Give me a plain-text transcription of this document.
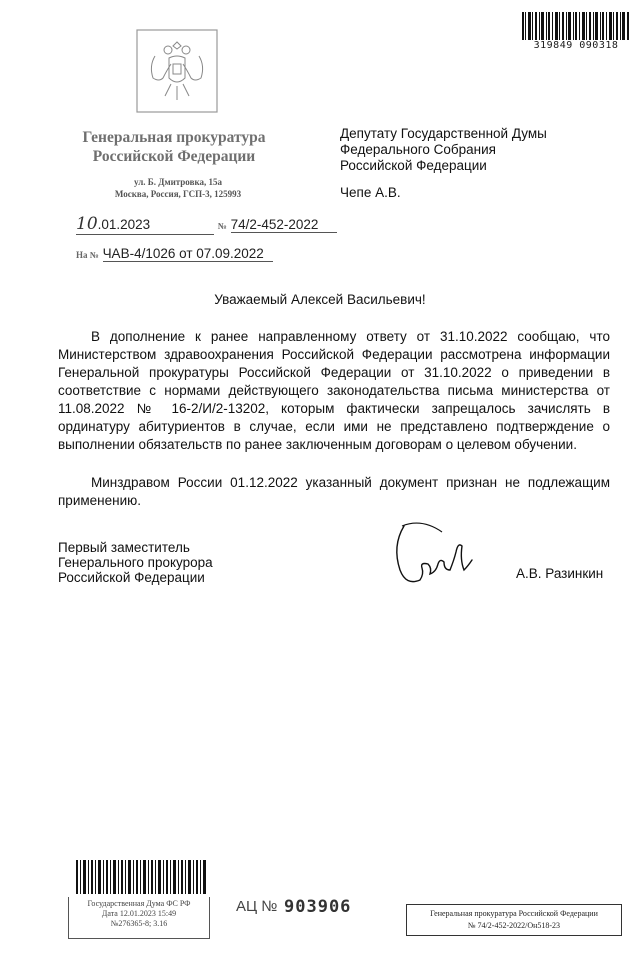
319849 090318
Генеральная прокуратура
Российской Федерации
ул. Б. Дмитровка, 15а
Москва, Россия, ГСП-3, 125993
10.01.2023	№ 74/2-452-2022
На № ЧАВ-4/1026 от 07.09.2022
Депутату Государственной Думы
Федерального Собрания
Российской Федерации
Чепе А.В.
Уважаемый Алексей Васильевич!
В дополнение к ранее направленному ответу от 31.10.2022 сообщаю, что Министерством здравоохранения Российской Федерации рассмотрена информации Генеральной прокуратуры Российской Федерации от 31.10.2022 о приведении в соответствие с нормами действующего законодательства письма министерства от 11.08.2022 № 16-2/И/2-13202, которым фактически запрещалось зачислять в ординатуру абитуриентов в случае, если ими не представлено подтверждение о выполнении обязательств по ранее заключенным договорам о целевом обучении.
Минздравом России 01.12.2022 указанный документ признан не подлежащим применению.
Первый заместитель
Генерального прокурора
Российской Федерации	А.В. Разинкин
Государственная Дума ФС РФ
Дата 12.01.2023 15:49
№276365-8; 3.16
АЦ № 903906	Генеральная прокуратура Российской Федерации
№ 74/2-452-2022/Он518-23
